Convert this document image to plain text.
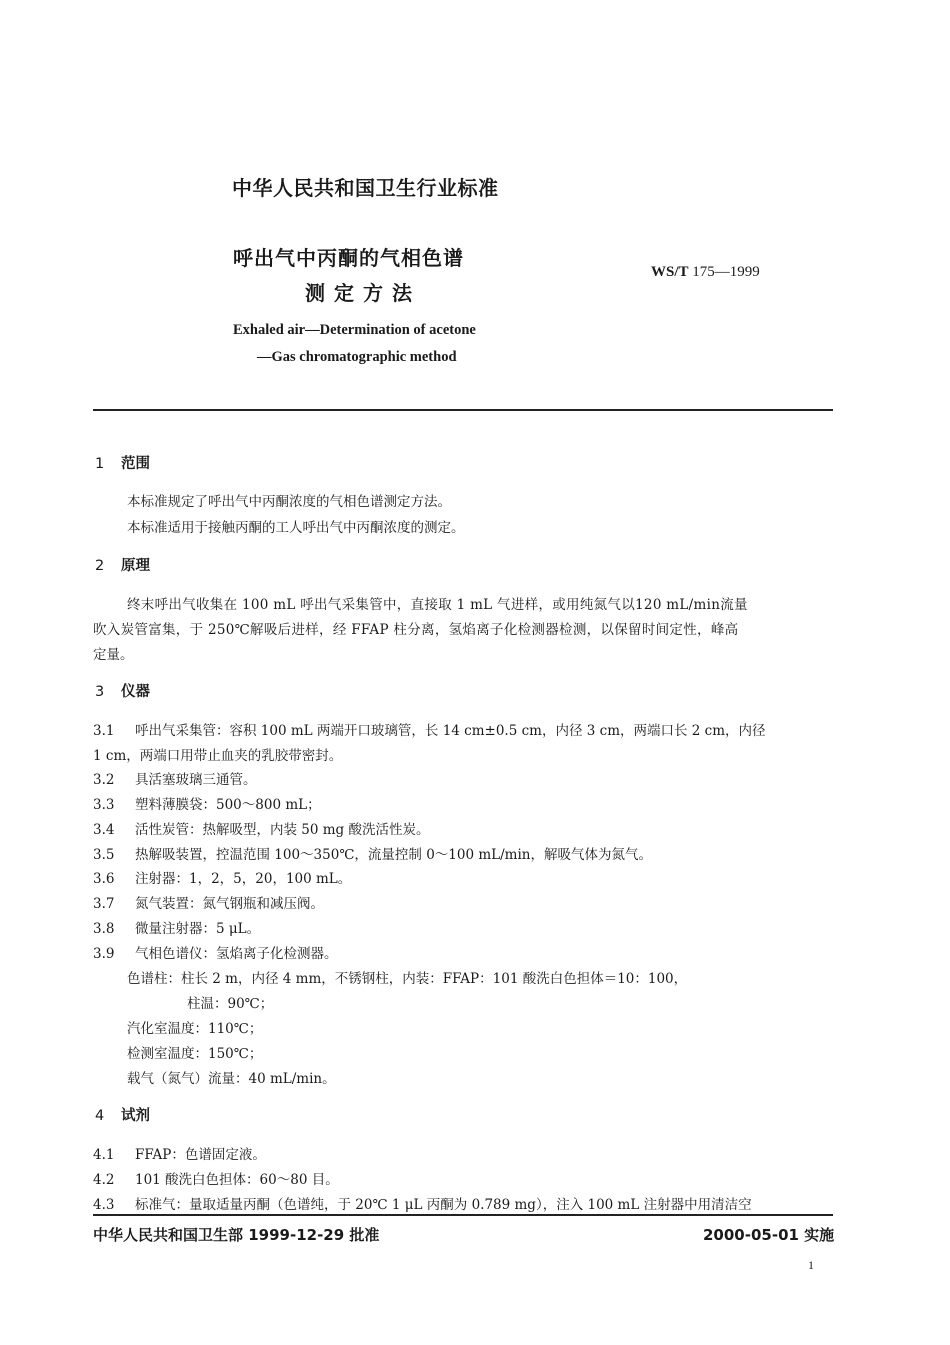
中华人民共和国卫生行业标准
呼出气中丙酮的气相色谱
测定方法
WS/T 175—1999
Exhaled air—Determination of acetone
—Gas chromatographic method
1 范围
本标准规定了呼出气中丙酮浓度的气相色谱测定方法。
本标准适用于接触丙酮的工人呼出气中丙酮浓度的测定。
2 原理
终末呼出气收集在 100 mL 呼出气采集管中，直接取 1 mL 气进样，或用纯氮气以120 mL/min流量
吹入炭管富集，于 250℃解吸后进样，经 FFAP 柱分离，氢焰离子化检测器检测，以保留时间定性，峰高
定量。
3 仪器
3.1 呼出气采集管：容积 100 mL 两端开口玻璃管，长 14 cm±0.5 cm，内径 3 cm，两端口长 2 cm，内径
1 cm，两端口用带止血夹的乳胶带密封。
3.2 具活塞玻璃三通管。
3.3 塑料薄膜袋：500～800 mL；
3.4 活性炭管：热解吸型，内装 50 mg 酸洗活性炭。
3.5 热解吸装置，控温范围 100～350℃，流量控制 0～100 mL/min，解吸气体为氮气。
3.6 注射器：1，2，5，20，100 mL。
3.7 氮气装置：氮气钢瓶和减压阀。
3.8 微量注射器：5 μL。
3.9 气相色谱仪：氢焰离子化检测器。
色谱柱：柱长 2 m，内径 4 mm，不锈钢柱，内装：FFAP：101 酸洗白色担体＝10：100，
柱温：90℃；
汽化室温度：110℃；
检测室温度：150℃；
载气（氮气）流量：40 mL/min。
4 试剂
4.1 FFAP：色谱固定液。
4.2 101 酸洗白色担体：60～80 目。
4.3 标准气：量取适量丙酮（色谱纯，于 20℃ 1 μL 丙酮为 0.789 mg），注入 100 mL 注射器中用清洁空
中华人民共和国卫生部 1999-12-29 批准	2000-05-01 实施
1
